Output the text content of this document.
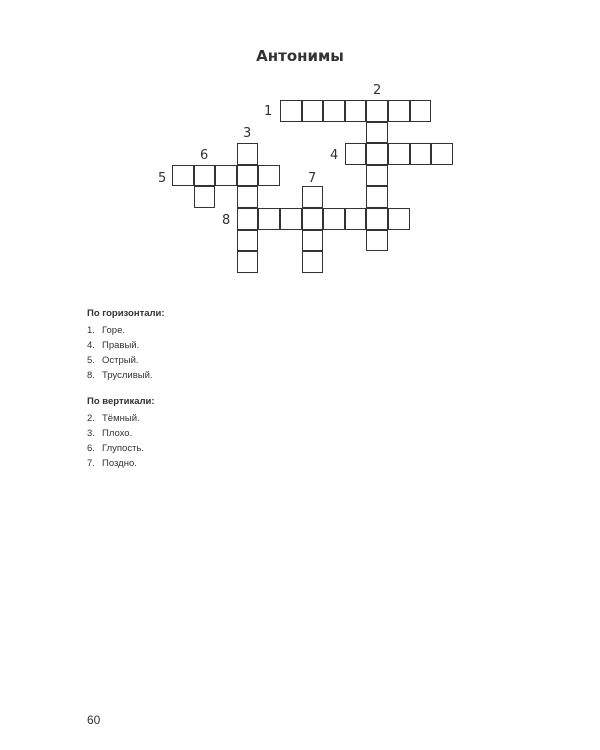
Антонимы
1
2
3
4
5
6
7
8
По горизонтали:
1. Горе.
4. Правый.
5. Острый.
8. Трусливый.
По вертикали:
2. Тёмный.
3. Плохо.
6. Глупость.
7. Поздно.
60
